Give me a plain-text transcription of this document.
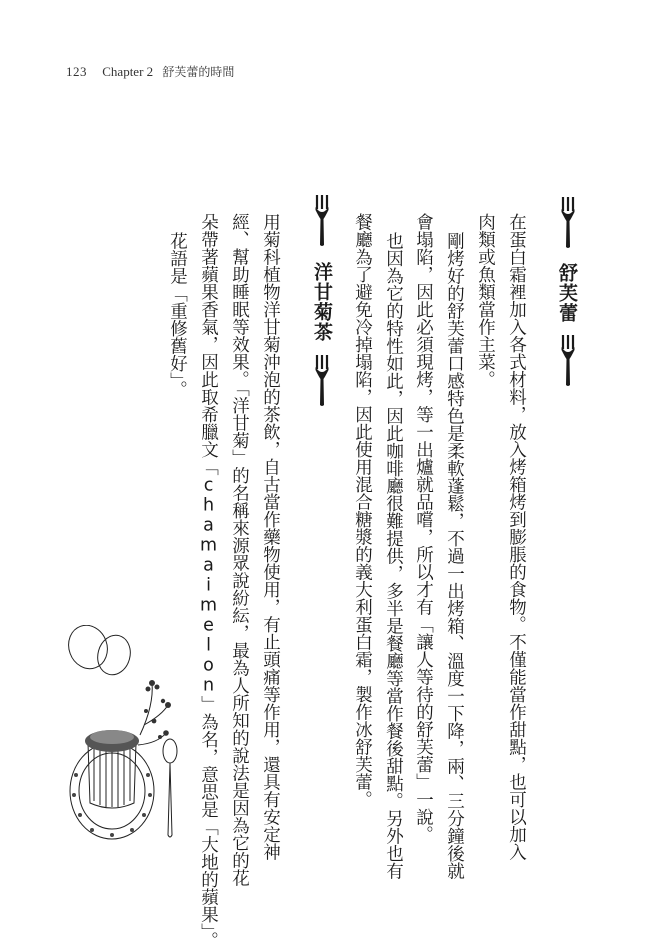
123 Chapter 2 舒芙蕾的時間
舒芙蕾
在蛋白霜裡加入各式材料，放入烤箱烤到膨脹的食物。不僅能當作甜點，也可以加入
肉類或魚類當作主菜。
剛烤好的舒芙蕾口感特色是柔軟蓬鬆，不過一出烤箱、溫度一下降，兩、三分鐘後就
會塌陷，因此必須現烤，等一出爐就品嚐，所以才有「讓人等待的舒芙蕾」一說。
也因為它的特性如此，因此咖啡廳很難提供，多半是餐廳等當作餐後甜點。另外也有
餐廳為了避免冷掉塌陷，因此使用混合糖漿的義大利蛋白霜，製作冰舒芙蕾。
洋甘菊茶
用菊科植物洋甘菊沖泡的茶飲，自古當作藥物使用，有止頭痛等作用，還具有安定神
經、幫助睡眠等效果。「洋甘菊」的名稱來源眾說紛紜，最為人所知的說法是因為它的花
朵帶著蘋果香氣，因此取希臘文「chamaimelon」為名，意思是「大地的蘋果」。
花語是「重修舊好」。
